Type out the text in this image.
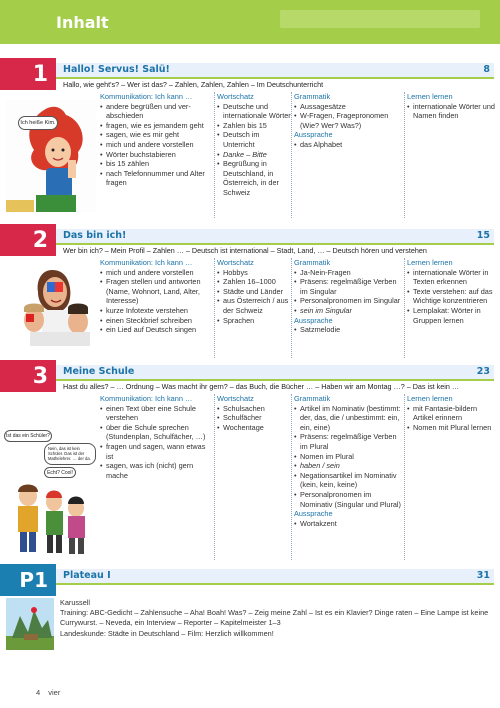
Inhalt
1	Hallo! Servus! Salü!	8
Hallo, wie geht's? – Wer ist das? – Zahlen, Zahlen, Zahlen – Im Deutschunterricht
Ich heiße Kim.
Kommunikation: Ich kann …
• andere begrüßen und ver-abschieden
• fragen, wie es jemandem geht
• sagen, wie es mir geht
• mich und andere vorstellen
• Wörter buchstabieren
• bis 15 zählen
• nach Telefonnummer und Alter fragen
Wortschatz
• Deutsche und internationale Wörter
• Zahlen bis 15
• Deutsch im Unterricht
• Danke – Bitte
• Begrüßung in Deutschland, in Österreich, in der Schweiz
Grammatik
• Aussagesätze
• W-Fragen, Fragepronomen (Wie? Wer? Was?)
Aussprache
• das Alphabet
Lernen lernen
• internationale Wörter und Namen finden
2	Das bin ich!	15
Wer bin ich? – Mein Profil – Zahlen … – Deutsch ist international – Stadt, Land, … – Deutsch hören und verstehen
Kommunikation: Ich kann …
• mich und andere vorstellen
• Fragen stellen und antworten (Name, Wohnort, Land, Alter, Interesse)
• kurze Infotexte verstehen
• einen Steckbrief schreiben
• ein Lied auf Deutsch singen
Wortschatz
• Hobbys
• Zahlen 16–1000
• Städte und Länder
• aus Österreich / aus der Schweiz
• Sprachen
Grammatik
• Ja-Nein-Fragen
• Präsens: regelmäßige Verben im Singular
• Personalpronomen im Singular
• sein im Singular
Aussprache
• Satzmelodie
Lernen lernen
• internationale Wörter in Texten erkennen
• Texte verstehen: auf das Wichtige konzentrieren
• Lernplakat: Wörter in Gruppen lernen
3	Meine Schule	23
Hast du alles? – … Ordnung – Was macht ihr gern? – das Buch, die Bücher … – Haben wir am Montag …? – Das ist kein …
Ist das ein Schüler?
Nein, das ist kein Schüler. Das ist der Mathelehrer. … der da.
Echt? Cool!
Kommunikation: Ich kann …
• einen Text über eine Schule verstehen
• über die Schule sprechen (Stundenplan, Schulfächer, …)
• fragen und sagen, wann etwas ist
• sagen, was ich (nicht) gern mache
Wortschatz
• Schulsachen
• Schulfächer
• Wochentage
Grammatik
• Artikel im Nominativ (bestimmt: der, das, die / unbestimmt: ein, ein, eine)
• Präsens: regelmäßige Verben im Plural
• Nomen im Plural
• haben / sein
• Negationsartikel im Nominativ (kein, kein, keine)
• Personalpronomen im Nominativ (Singular und Plural)
Aussprache
• Wortakzent
Lernen lernen
• mit Fantasie-bildern Artikel erinnern
• Nomen mit Plural lernen
P1	Plateau I	31
Karussell
Training: ABC-Gedicht – Zahlensuche – Aha! Boah! Was? – Zeig meine Zahl – Ist es ein Klavier? Dinge raten – Eine Lampe ist keine Currywurst. – Neveda, ein Interview – Reporter – Kapitelmeister 1–3
Landeskunde: Städte in Deutschland – Film: Herzlich willkommen!
4 vier
